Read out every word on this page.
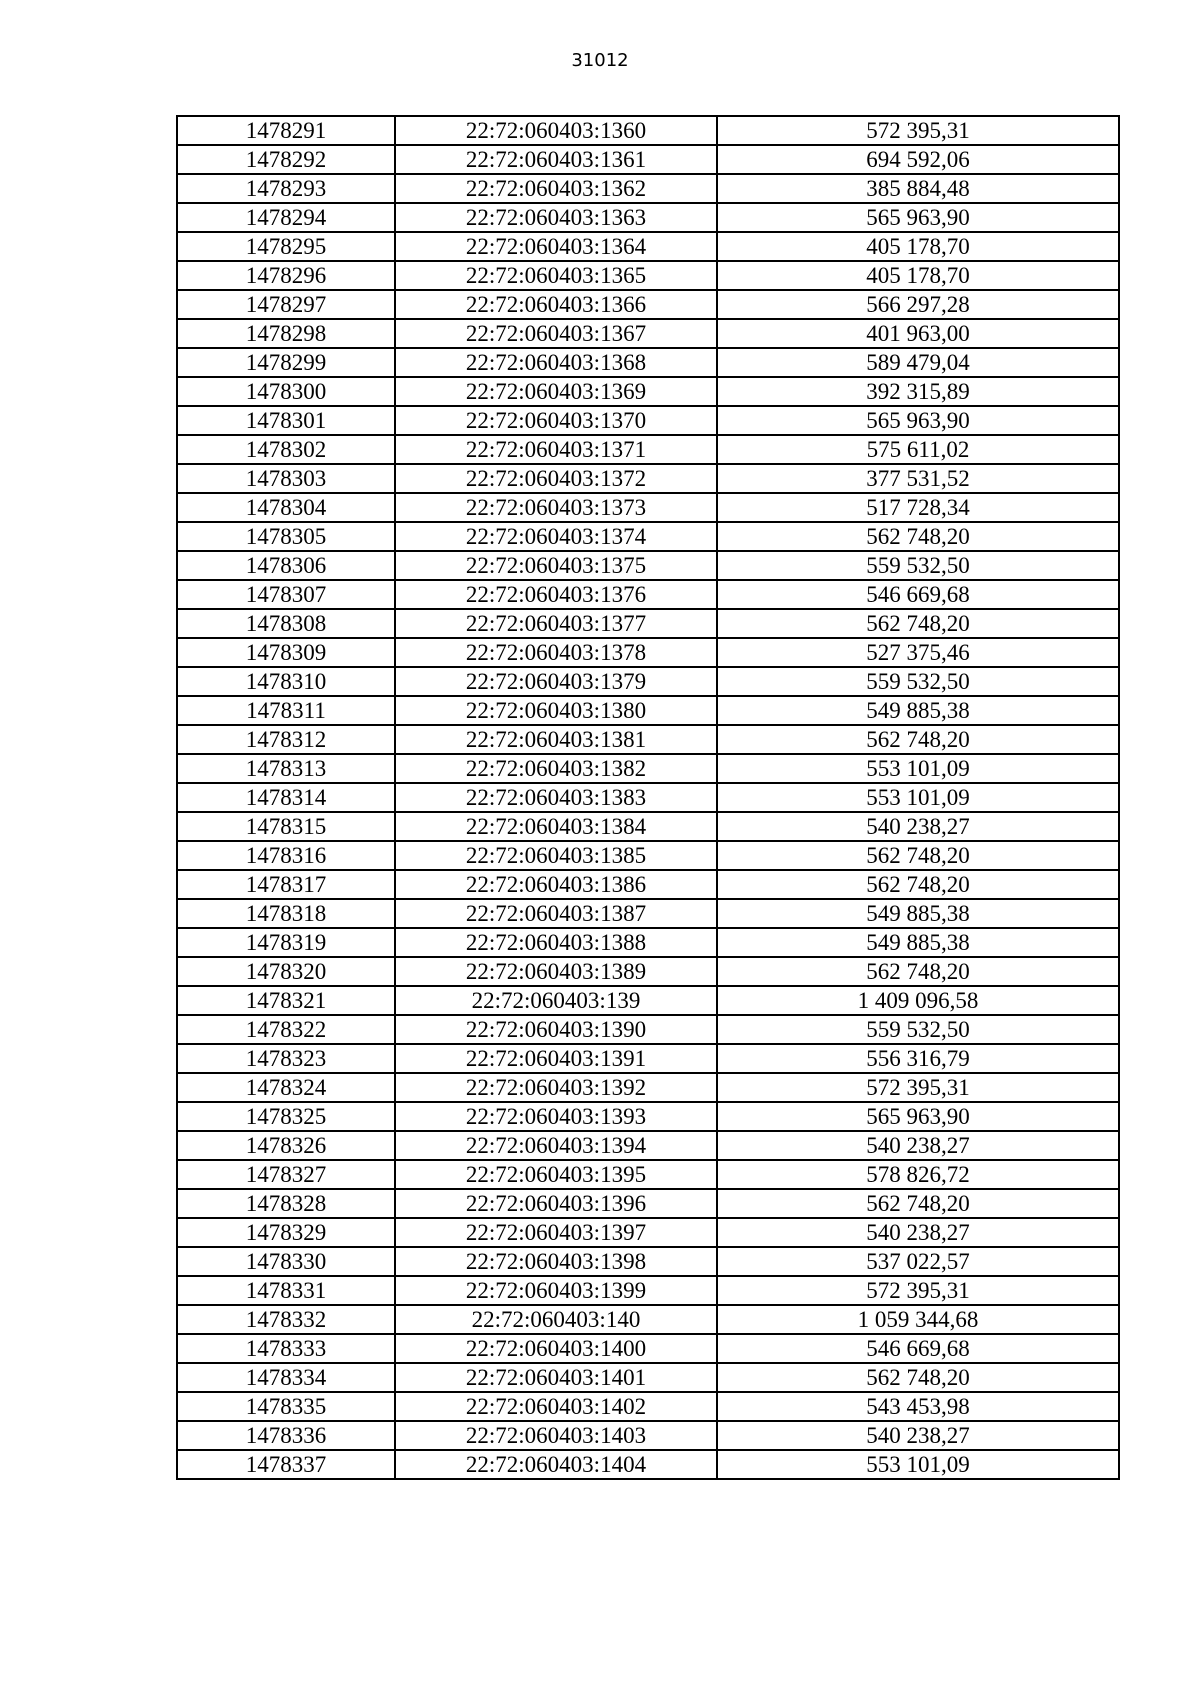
31012
1478291	22:72:060403:1360	572 395,31
1478292	22:72:060403:1361	694 592,06
1478293	22:72:060403:1362	385 884,48
1478294	22:72:060403:1363	565 963,90
1478295	22:72:060403:1364	405 178,70
1478296	22:72:060403:1365	405 178,70
1478297	22:72:060403:1366	566 297,28
1478298	22:72:060403:1367	401 963,00
1478299	22:72:060403:1368	589 479,04
1478300	22:72:060403:1369	392 315,89
1478301	22:72:060403:1370	565 963,90
1478302	22:72:060403:1371	575 611,02
1478303	22:72:060403:1372	377 531,52
1478304	22:72:060403:1373	517 728,34
1478305	22:72:060403:1374	562 748,20
1478306	22:72:060403:1375	559 532,50
1478307	22:72:060403:1376	546 669,68
1478308	22:72:060403:1377	562 748,20
1478309	22:72:060403:1378	527 375,46
1478310	22:72:060403:1379	559 532,50
1478311	22:72:060403:1380	549 885,38
1478312	22:72:060403:1381	562 748,20
1478313	22:72:060403:1382	553 101,09
1478314	22:72:060403:1383	553 101,09
1478315	22:72:060403:1384	540 238,27
1478316	22:72:060403:1385	562 748,20
1478317	22:72:060403:1386	562 748,20
1478318	22:72:060403:1387	549 885,38
1478319	22:72:060403:1388	549 885,38
1478320	22:72:060403:1389	562 748,20
1478321	22:72:060403:139	1 409 096,58
1478322	22:72:060403:1390	559 532,50
1478323	22:72:060403:1391	556 316,79
1478324	22:72:060403:1392	572 395,31
1478325	22:72:060403:1393	565 963,90
1478326	22:72:060403:1394	540 238,27
1478327	22:72:060403:1395	578 826,72
1478328	22:72:060403:1396	562 748,20
1478329	22:72:060403:1397	540 238,27
1478330	22:72:060403:1398	537 022,57
1478331	22:72:060403:1399	572 395,31
1478332	22:72:060403:140	1 059 344,68
1478333	22:72:060403:1400	546 669,68
1478334	22:72:060403:1401	562 748,20
1478335	22:72:060403:1402	543 453,98
1478336	22:72:060403:1403	540 238,27
1478337	22:72:060403:1404	553 101,09
